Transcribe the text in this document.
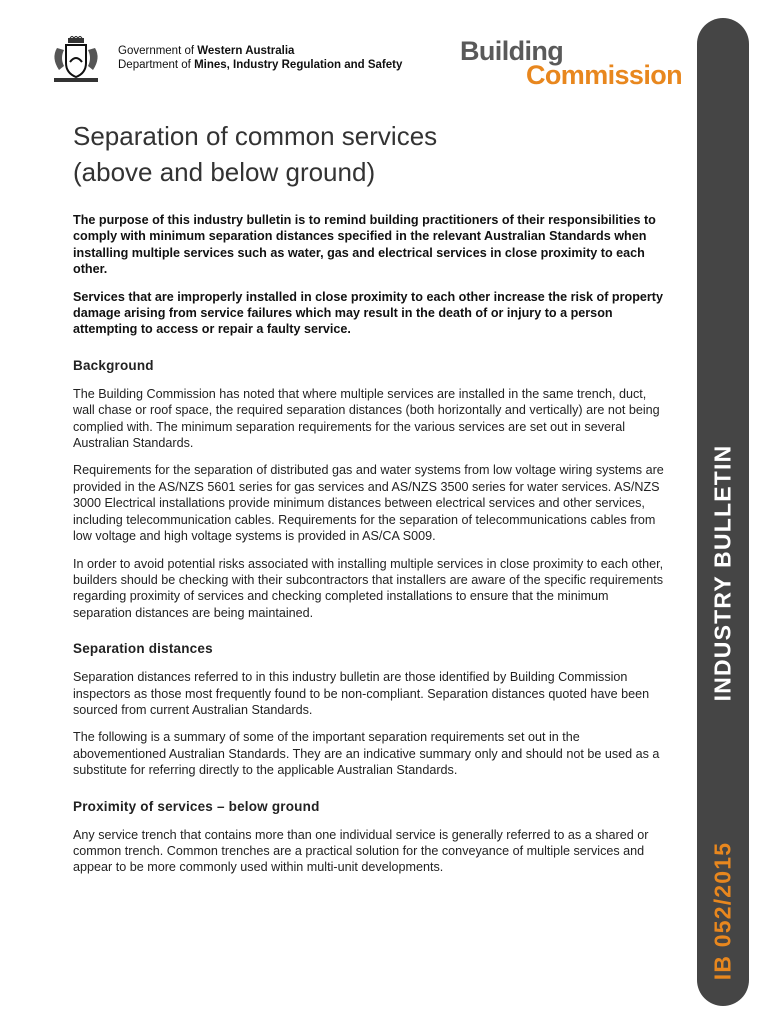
Government of Western Australia
Department of Mines, Industry Regulation and Safety Building
Commission
INDUSTRY BULLETIN
IB 052/2015
Separation of common services
(above and below ground)

The purpose of this industry bulletin is to remind building practitioners of their responsibilities to comply with minimum separation distances specified in the relevant Australian Standards when installing multiple services such as water, gas and electrical services in close proximity to each other.

Services that are improperly installed in close proximity to each other increase the risk of property damage arising from service failures which may result in the death of or injury to a person attempting to access or repair a faulty service.

Background

The Building Commission has noted that where multiple services are installed in the same trench, duct, wall chase or roof space, the required separation distances (both horizontally and vertically) are not being complied with. The minimum separation requirements for the various services are set out in several Australian Standards.

Requirements for the separation of distributed gas and water systems from low voltage wiring systems are provided in the AS/NZS 5601 series for gas services and AS/NZS 3500 series for water services. AS/NZS 3000 Electrical installations provide minimum distances between electrical services and other services, including telecommunication cables. Requirements for the separation of telecommunications cables from low voltage and high voltage systems is provided in AS/CA S009.

In order to avoid potential risks associated with installing multiple services in close proximity to each other, builders should be checking with their subcontractors that installers are aware of the specific requirements regarding proximity of services and checking completed installations to ensure that the minimum separation distances are being maintained.

Separation distances

Separation distances referred to in this industry bulletin are those identified by Building Commission inspectors as those most frequently found to be non-compliant. Separation distances quoted have been sourced from current Australian Standards.

The following is a summary of some of the important separation requirements set out in the abovementioned Australian Standards. They are an indicative summary only and should not be used as a substitute for referring directly to the applicable Australian Standards.

Proximity of services – below ground

Any service trench that contains more than one individual service is generally referred to as a shared or common trench. Common trenches are a practical solution for the conveyance of multiple services and appear to be more commonly used within multi-unit developments.
